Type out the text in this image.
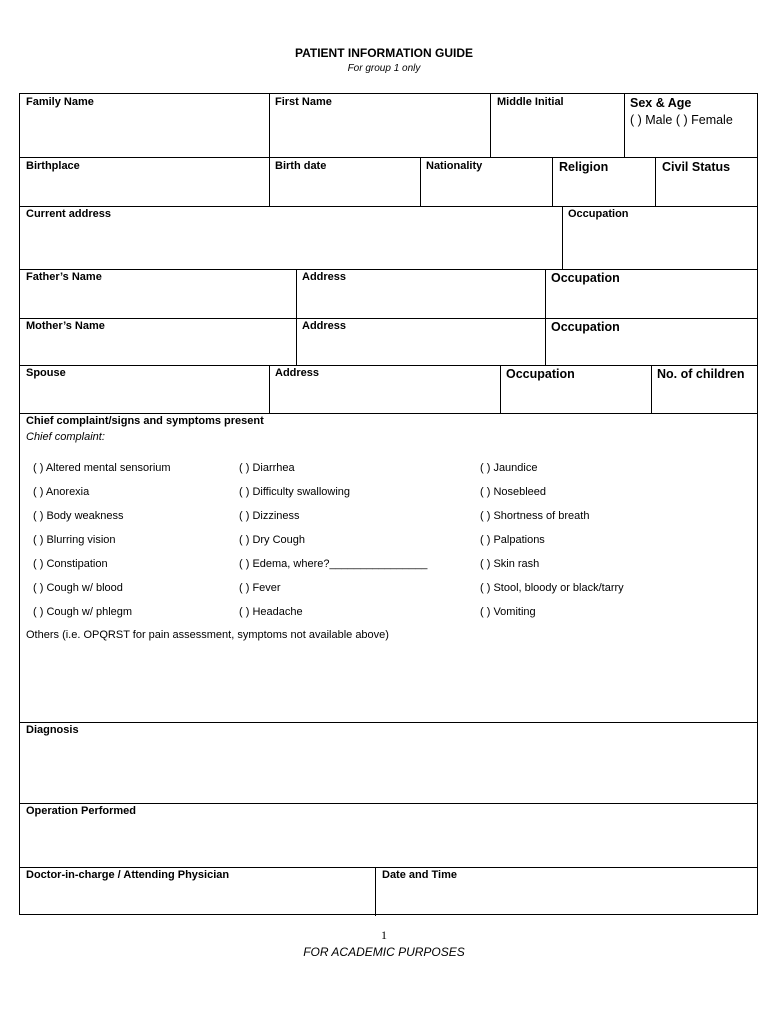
PATIENT INFORMATION GUIDE
For group 1 only
Family Name	First Name	Middle Initial	Sex & Age
( ) Male ( ) Female
Birthplace	Birth date	Nationality	Religion	Civil Status
Current address	Occupation
Father’s Name	Address	Occupation
Mother’s Name	Address	Occupation
Spouse	Address	Occupation	No. of children
Chief complaint/signs and symptoms present
Chief complaint:
( ) Altered mental sensorium
( ) Anorexia
( ) Body weakness
( ) Blurring vision
( ) Constipation
( ) Cough w/ blood
( ) Cough w/ phlegm
( ) Diarrhea
( ) Difficulty swallowing
( ) Dizziness
( ) Dry Cough
( ) Edema, where?________________
( ) Fever
( ) Headache
( ) Jaundice
( ) Nosebleed
( ) Shortness of breath
( ) Palpations
( ) Skin rash
( ) Stool, bloody or black/tarry
( ) Vomiting
Others (i.e. OPQRST for pain assessment, symptoms not available above)
Diagnosis
Operation Performed
Doctor-in-charge / Attending Physician	Date and Time
1
FOR ACADEMIC PURPOSES
